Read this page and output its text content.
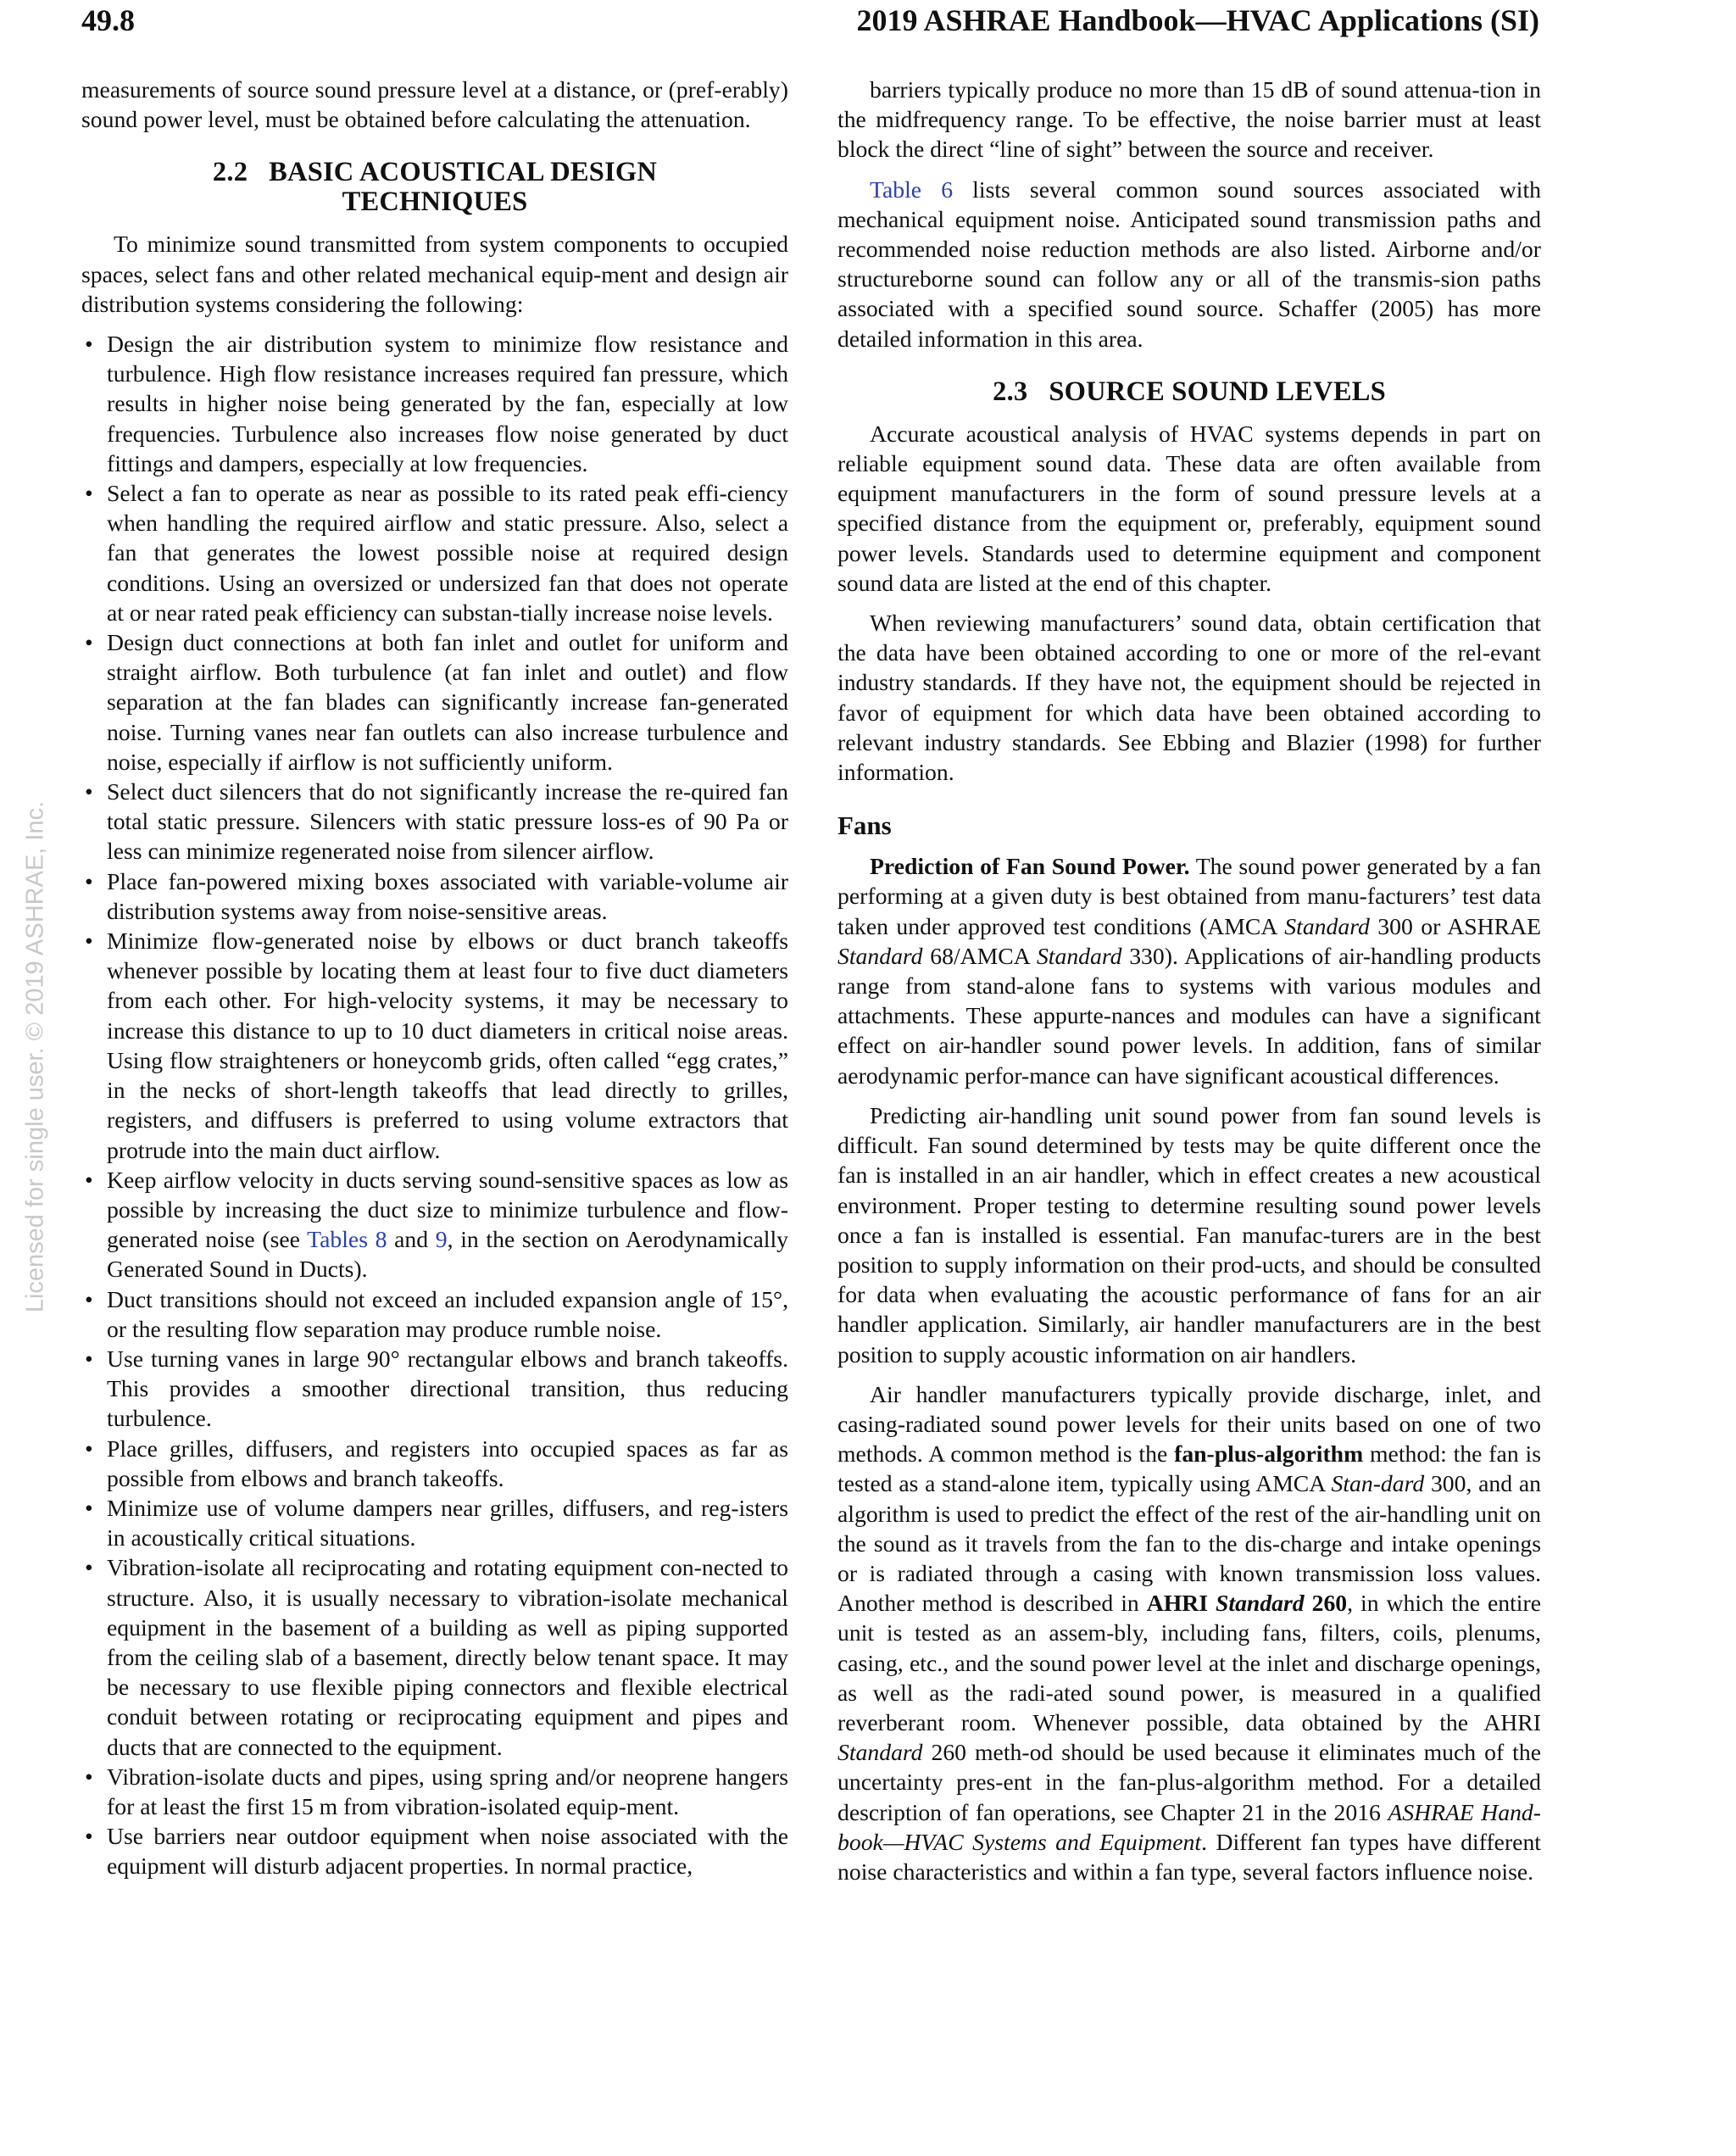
49.8	2019 ASHRAE Handbook—HVAC Applications (SI)
Licensed for single user. © 2019 ASHRAE, Inc.

measurements of source sound pressure level at a distance, or (pref-erably) sound power level, must be obtained before calculating the attenuation.

2.2 BASIC ACOUSTICAL DESIGN
TECHNIQUES

To minimize sound transmitted from system components to occupied spaces, select fans and other related mechanical equip-ment and design air distribution systems considering the following:

• Design the air distribution system to minimize flow resistance and turbulence. High flow resistance increases required fan pressure, which results in higher noise being generated by the fan, especially at low frequencies. Turbulence also increases flow noise generated by duct fittings and dampers, especially at low frequencies.
• Select a fan to operate as near as possible to its rated peak effi-ciency when handling the required airflow and static pressure. Also, select a fan that generates the lowest possible noise at required design conditions. Using an oversized or undersized fan that does not operate at or near rated peak efficiency can substan-tially increase noise levels.
• Design duct connections at both fan inlet and outlet for uniform and straight airflow. Both turbulence (at fan inlet and outlet) and flow separation at the fan blades can significantly increase fan-generated noise. Turning vanes near fan outlets can also increase turbulence and noise, especially if airflow is not sufficiently uniform.
• Select duct silencers that do not significantly increase the re-quired fan total static pressure. Silencers with static pressure loss-es of 90 Pa or less can minimize regenerated noise from silencer airflow.
• Place fan-powered mixing boxes associated with variable-volume air distribution systems away from noise-sensitive areas.
• Minimize flow-generated noise by elbows or duct branch takeoffs whenever possible by locating them at least four to five duct diameters from each other. For high-velocity systems, it may be necessary to increase this distance to up to 10 duct diameters in critical noise areas. Using flow straighteners or honeycomb grids, often called “egg crates,” in the necks of short-length takeoffs that lead directly to grilles, registers, and diffusers is preferred to using volume extractors that protrude into the main duct airflow.
• Keep airflow velocity in ducts serving sound-sensitive spaces as low as possible by increasing the duct size to minimize turbulence and flow-generated noise (see Tables 8 and 9, in the section on Aerodynamically Generated Sound in Ducts).
• Duct transitions should not exceed an included expansion angle of 15°, or the resulting flow separation may produce rumble noise.
• Use turning vanes in large 90° rectangular elbows and branch takeoffs. This provides a smoother directional transition, thus reducing turbulence.
• Place grilles, diffusers, and registers into occupied spaces as far as possible from elbows and branch takeoffs.
• Minimize use of volume dampers near grilles, diffusers, and reg-isters in acoustically critical situations.
• Vibration-isolate all reciprocating and rotating equipment con-nected to structure. Also, it is usually necessary to vibration-isolate mechanical equipment in the basement of a building as well as piping supported from the ceiling slab of a basement, directly below tenant space. It may be necessary to use flexible piping connectors and flexible electrical conduit between rotating or reciprocating equipment and pipes and ducts that are connected to the equipment.
• Vibration-isolate ducts and pipes, using spring and/or neoprene hangers for at least the first 15 m from vibration-isolated equip-ment.
• Use barriers near outdoor equipment when noise associated with the equipment will disturb adjacent properties. In normal practice,

barriers typically produce no more than 15 dB of sound attenua-tion in the midfrequency range. To be effective, the noise barrier must at least block the direct “line of sight” between the source and receiver.

Table 6 lists several common sound sources associated with mechanical equipment noise. Anticipated sound transmission paths and recommended noise reduction methods are also listed. Airborne and/or structureborne sound can follow any or all of the transmis-sion paths associated with a specified sound source. Schaffer (2005) has more detailed information in this area.

2.3 SOURCE SOUND LEVELS

Accurate acoustical analysis of HVAC systems depends in part on reliable equipment sound data. These data are often available from equipment manufacturers in the form of sound pressure levels at a specified distance from the equipment or, preferably, equipment sound power levels. Standards used to determine equipment and component sound data are listed at the end of this chapter.

When reviewing manufacturers’ sound data, obtain certification that the data have been obtained according to one or more of the rel-evant industry standards. If they have not, the equipment should be rejected in favor of equipment for which data have been obtained according to relevant industry standards. See Ebbing and Blazier (1998) for further information.

Fans

Prediction of Fan Sound Power. The sound power generated by a fan performing at a given duty is best obtained from manu-facturers’ test data taken under approved test conditions (AMCA Standard 300 or ASHRAE Standard 68/AMCA Standard 330). Applications of air-handling products range from stand-alone fans to systems with various modules and attachments. These appurte-nances and modules can have a significant effect on air-handler sound power levels. In addition, fans of similar aerodynamic perfor-mance can have significant acoustical differences.

Predicting air-handling unit sound power from fan sound levels is difficult. Fan sound determined by tests may be quite different once the fan is installed in an air handler, which in effect creates a new acoustical environment. Proper testing to determine resulting sound power levels once a fan is installed is essential. Fan manufac-turers are in the best position to supply information on their prod-ucts, and should be consulted for data when evaluating the acoustic performance of fans for an air handler application. Similarly, air handler manufacturers are in the best position to supply acoustic information on air handlers.

Air handler manufacturers typically provide discharge, inlet, and casing-radiated sound power levels for their units based on one of two methods. A common method is the fan-plus-algorithm method: the fan is tested as a stand-alone item, typically using AMCA Stan-dard 300, and an algorithm is used to predict the effect of the rest of the air-handling unit on the sound as it travels from the fan to the dis-charge and intake openings or is radiated through a casing with known transmission loss values. Another method is described in AHRI Standard 260, in which the entire unit is tested as an assem-bly, including fans, filters, coils, plenums, casing, etc., and the sound power level at the inlet and discharge openings, as well as the radi-ated sound power, is measured in a qualified reverberant room. Whenever possible, data obtained by the AHRI Standard 260 meth-od should be used because it eliminates much of the uncertainty pres-ent in the fan-plus-algorithm method. For a detailed description of fan operations, see Chapter 21 in the 2016 ASHRAE Hand-book—HVAC Systems and Equipment. Different fan types have different noise characteristics and within a fan type, several factors influence noise.
